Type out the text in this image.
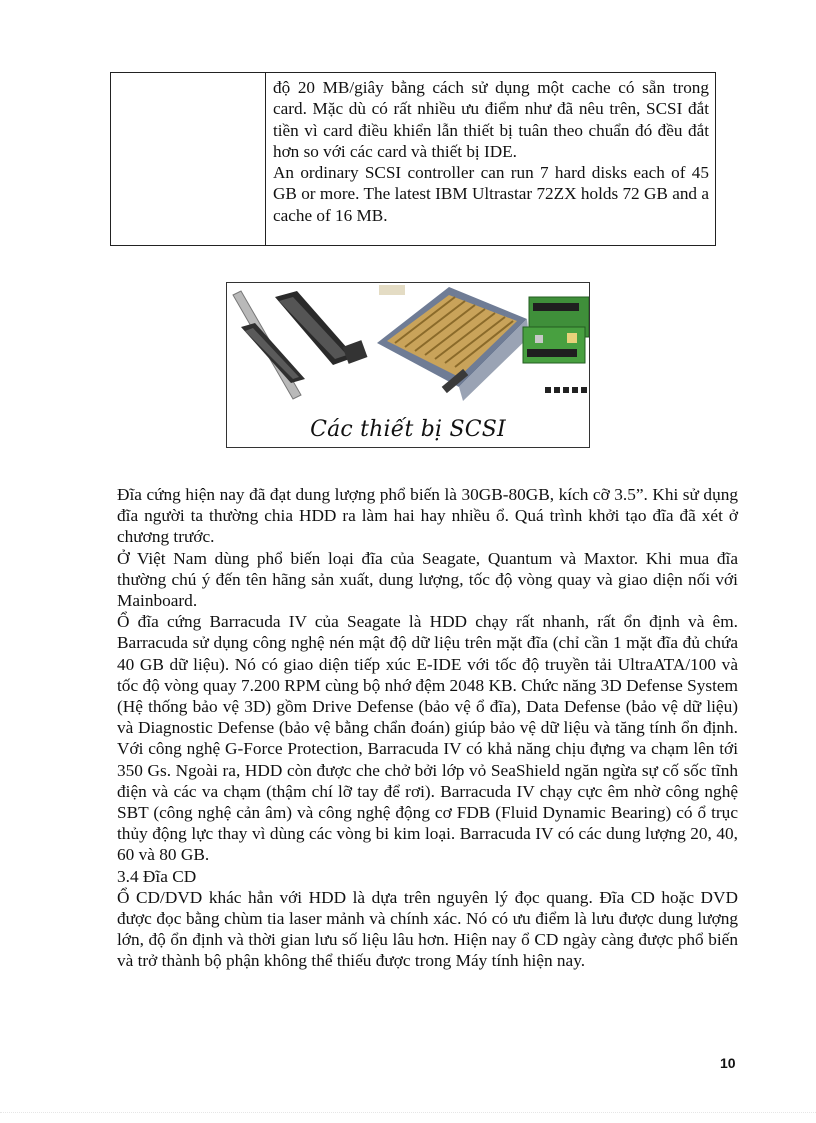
độ 20 MB/giây bằng cách sử dụng một cache có sẵn trong card. Mặc dù có rất nhiều ưu điểm như đã nêu trên, SCSI đắt tiền vì card điều khiển lẫn thiết bị tuân theo chuẩn đó đều đắt hơn so với các card và thiết bị IDE.

An ordinary SCSI controller can run 7 hard disks each of 45 GB or more. The latest IBM Ultrastar 72ZX holds 72 GB and a cache of 16 MB.

Các thiết bị SCSI

Đĩa cứng hiện nay đã đạt dung lượng phổ biến là 30GB-80GB, kích cỡ 3.5”. Khi sử dụng đĩa người ta thường chia HDD ra làm hai hay nhiều ổ. Quá trình khởi tạo đĩa đã xét ở chương trước.

Ở Việt Nam dùng phổ biến loại đĩa của Seagate, Quantum và Maxtor. Khi mua đĩa thường chú ý đến tên hãng sản xuất, dung lượng, tốc độ vòng quay và giao diện nối với Mainboard.

Ổ đĩa cứng Barracuda IV của Seagate là HDD chạy rất nhanh, rất ổn định và êm. Barracuda sử dụng công nghệ nén mật độ dữ liệu trên mặt đĩa (chỉ cần 1 mặt đĩa đủ chứa 40 GB dữ liệu). Nó có giao diện tiếp xúc E-IDE với tốc độ truyền tải UltraATA/100 và tốc độ vòng quay 7.200 RPM cùng bộ nhớ đệm 2048 KB. Chức năng 3D Defense System (Hệ thống bảo vệ 3D) gồm Drive Defense (bảo vệ ổ đĩa), Data Defense (bảo vệ dữ liệu) và Diagnostic Defense (bảo vệ bằng chẩn đoán) giúp bảo vệ dữ liệu và tăng tính ổn định. Với công nghệ G-Force Protection, Barracuda IV có khả năng chịu đựng va chạm lên tới 350 Gs. Ngoài ra, HDD còn được che chở bởi lớp vỏ SeaShield ngăn ngừa sự cố sốc tĩnh điện và các va chạm (thậm chí lỡ tay để rơi). Barracuda IV chạy cực êm nhờ công nghệ SBT (công nghệ cản âm) và công nghệ động cơ FDB (Fluid Dynamic Bearing) có ổ trục thủy động lực thay vì dùng các vòng bi kim loại. Barracuda IV có các dung lượng 20, 40, 60 và 80 GB.

3.4 Đĩa CD

Ổ CD/DVD khác hẳn với HDD là dựa trên nguyên lý đọc quang. Đĩa CD hoặc DVD được đọc bằng chùm tia laser mảnh và chính xác. Nó có ưu điểm là lưu được dung lượng lớn, độ ổn định và thời gian lưu số liệu lâu hơn. Hiện nay ổ CD ngày càng được phổ biến và trở thành bộ phận không thể thiếu được trong Máy tính hiện nay.

10
